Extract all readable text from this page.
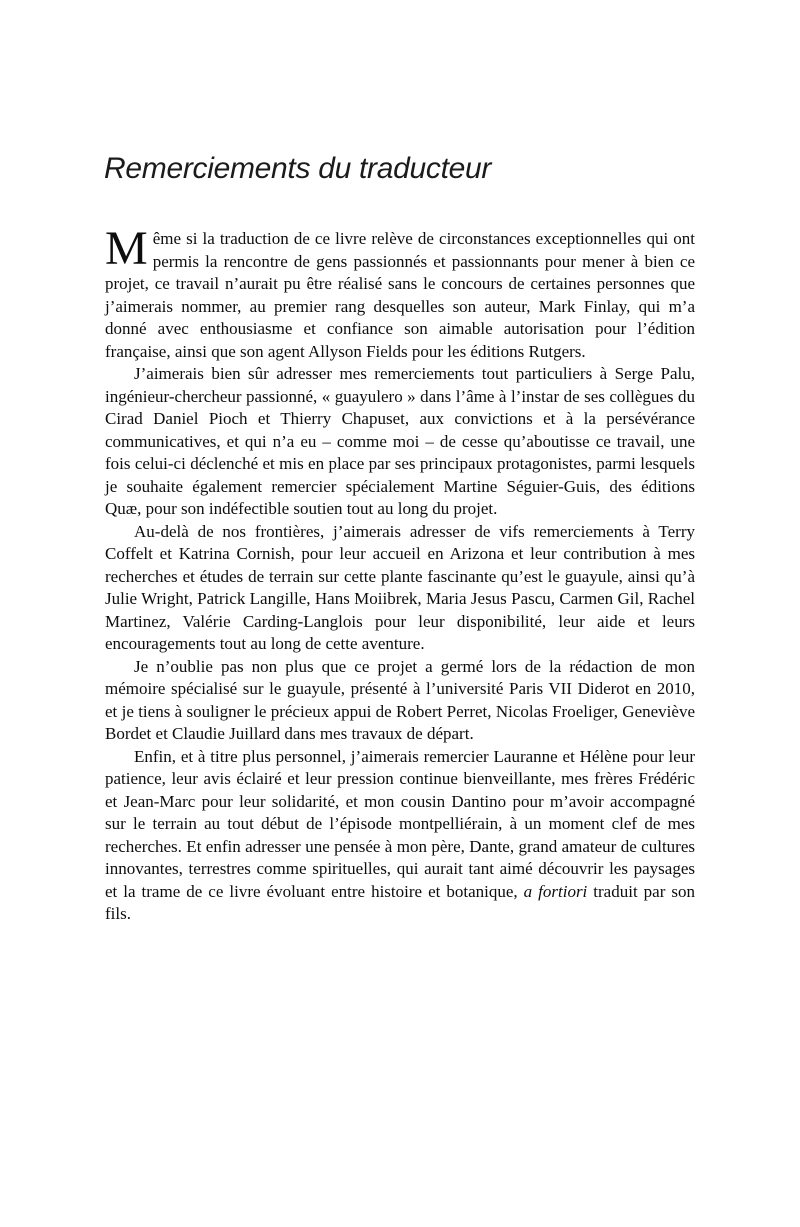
Remerciements du traducteur

Même si la traduction de ce livre relève de circonstances exceptionnelles qui ont permis la rencontre de gens passionnés et passionnants pour mener à bien ce projet, ce travail n’aurait pu être réalisé sans le concours de certaines personnes que j’aimerais nommer, au premier rang desquelles son auteur, Mark Finlay, qui m’a donné avec enthousiasme et confiance son aimable autorisation pour l’édition française, ainsi que son agent Allyson Fields pour les éditions Rutgers.

J’aimerais bien sûr adresser mes remerciements tout particuliers à Serge Palu, ingénieur-chercheur passionné, « guayulero » dans l’âme à l’instar de ses collègues du Cirad Daniel Pioch et Thierry Chapuset, aux convictions et à la persévérance communicatives, et qui n’a eu – comme moi – de cesse qu’aboutisse ce travail, une fois celui-ci déclenché et mis en place par ses principaux protagonistes, parmi lesquels je souhaite également remercier spécialement Martine Séguier-Guis, des éditions Quæ, pour son indéfectible soutien tout au long du projet.

Au-delà de nos frontières, j’aimerais adresser de vifs remerciements à Terry Coffelt et Katrina Cornish, pour leur accueil en Arizona et leur contribution à mes recherches et études de terrain sur cette plante fascinante qu’est le guayule, ainsi qu’à Julie Wright, Patrick Langille, Hans Moiibrek, Maria Jesus Pascu, Carmen Gil, Rachel Martinez, Valérie Carding-Langlois pour leur disponibilité, leur aide et leurs encouragements tout au long de cette aventure.

Je n’oublie pas non plus que ce projet a germé lors de la rédaction de mon mémoire spécialisé sur le guayule, présenté à l’université Paris VII Diderot en 2010, et je tiens à souligner le précieux appui de Robert Perret, Nicolas Froeliger, Geneviève Bordet et Claudie Juillard dans mes travaux de départ.

Enfin, et à titre plus personnel, j’aimerais remercier Lauranne et Hélène pour leur patience, leur avis éclairé et leur pression continue bienveillante, mes frères Frédéric et Jean-Marc pour leur solidarité, et mon cousin Dantino pour m’avoir accompagné sur le terrain au tout début de l’épisode montpelliérain, à un moment clef de mes recherches. Et enfin adresser une pensée à mon père, Dante, grand amateur de cultures innovantes, terrestres comme spirituelles, qui aurait tant aimé découvrir les paysages et la trame de ce livre évoluant entre histoire et botanique, a fortiori traduit par son fils.
